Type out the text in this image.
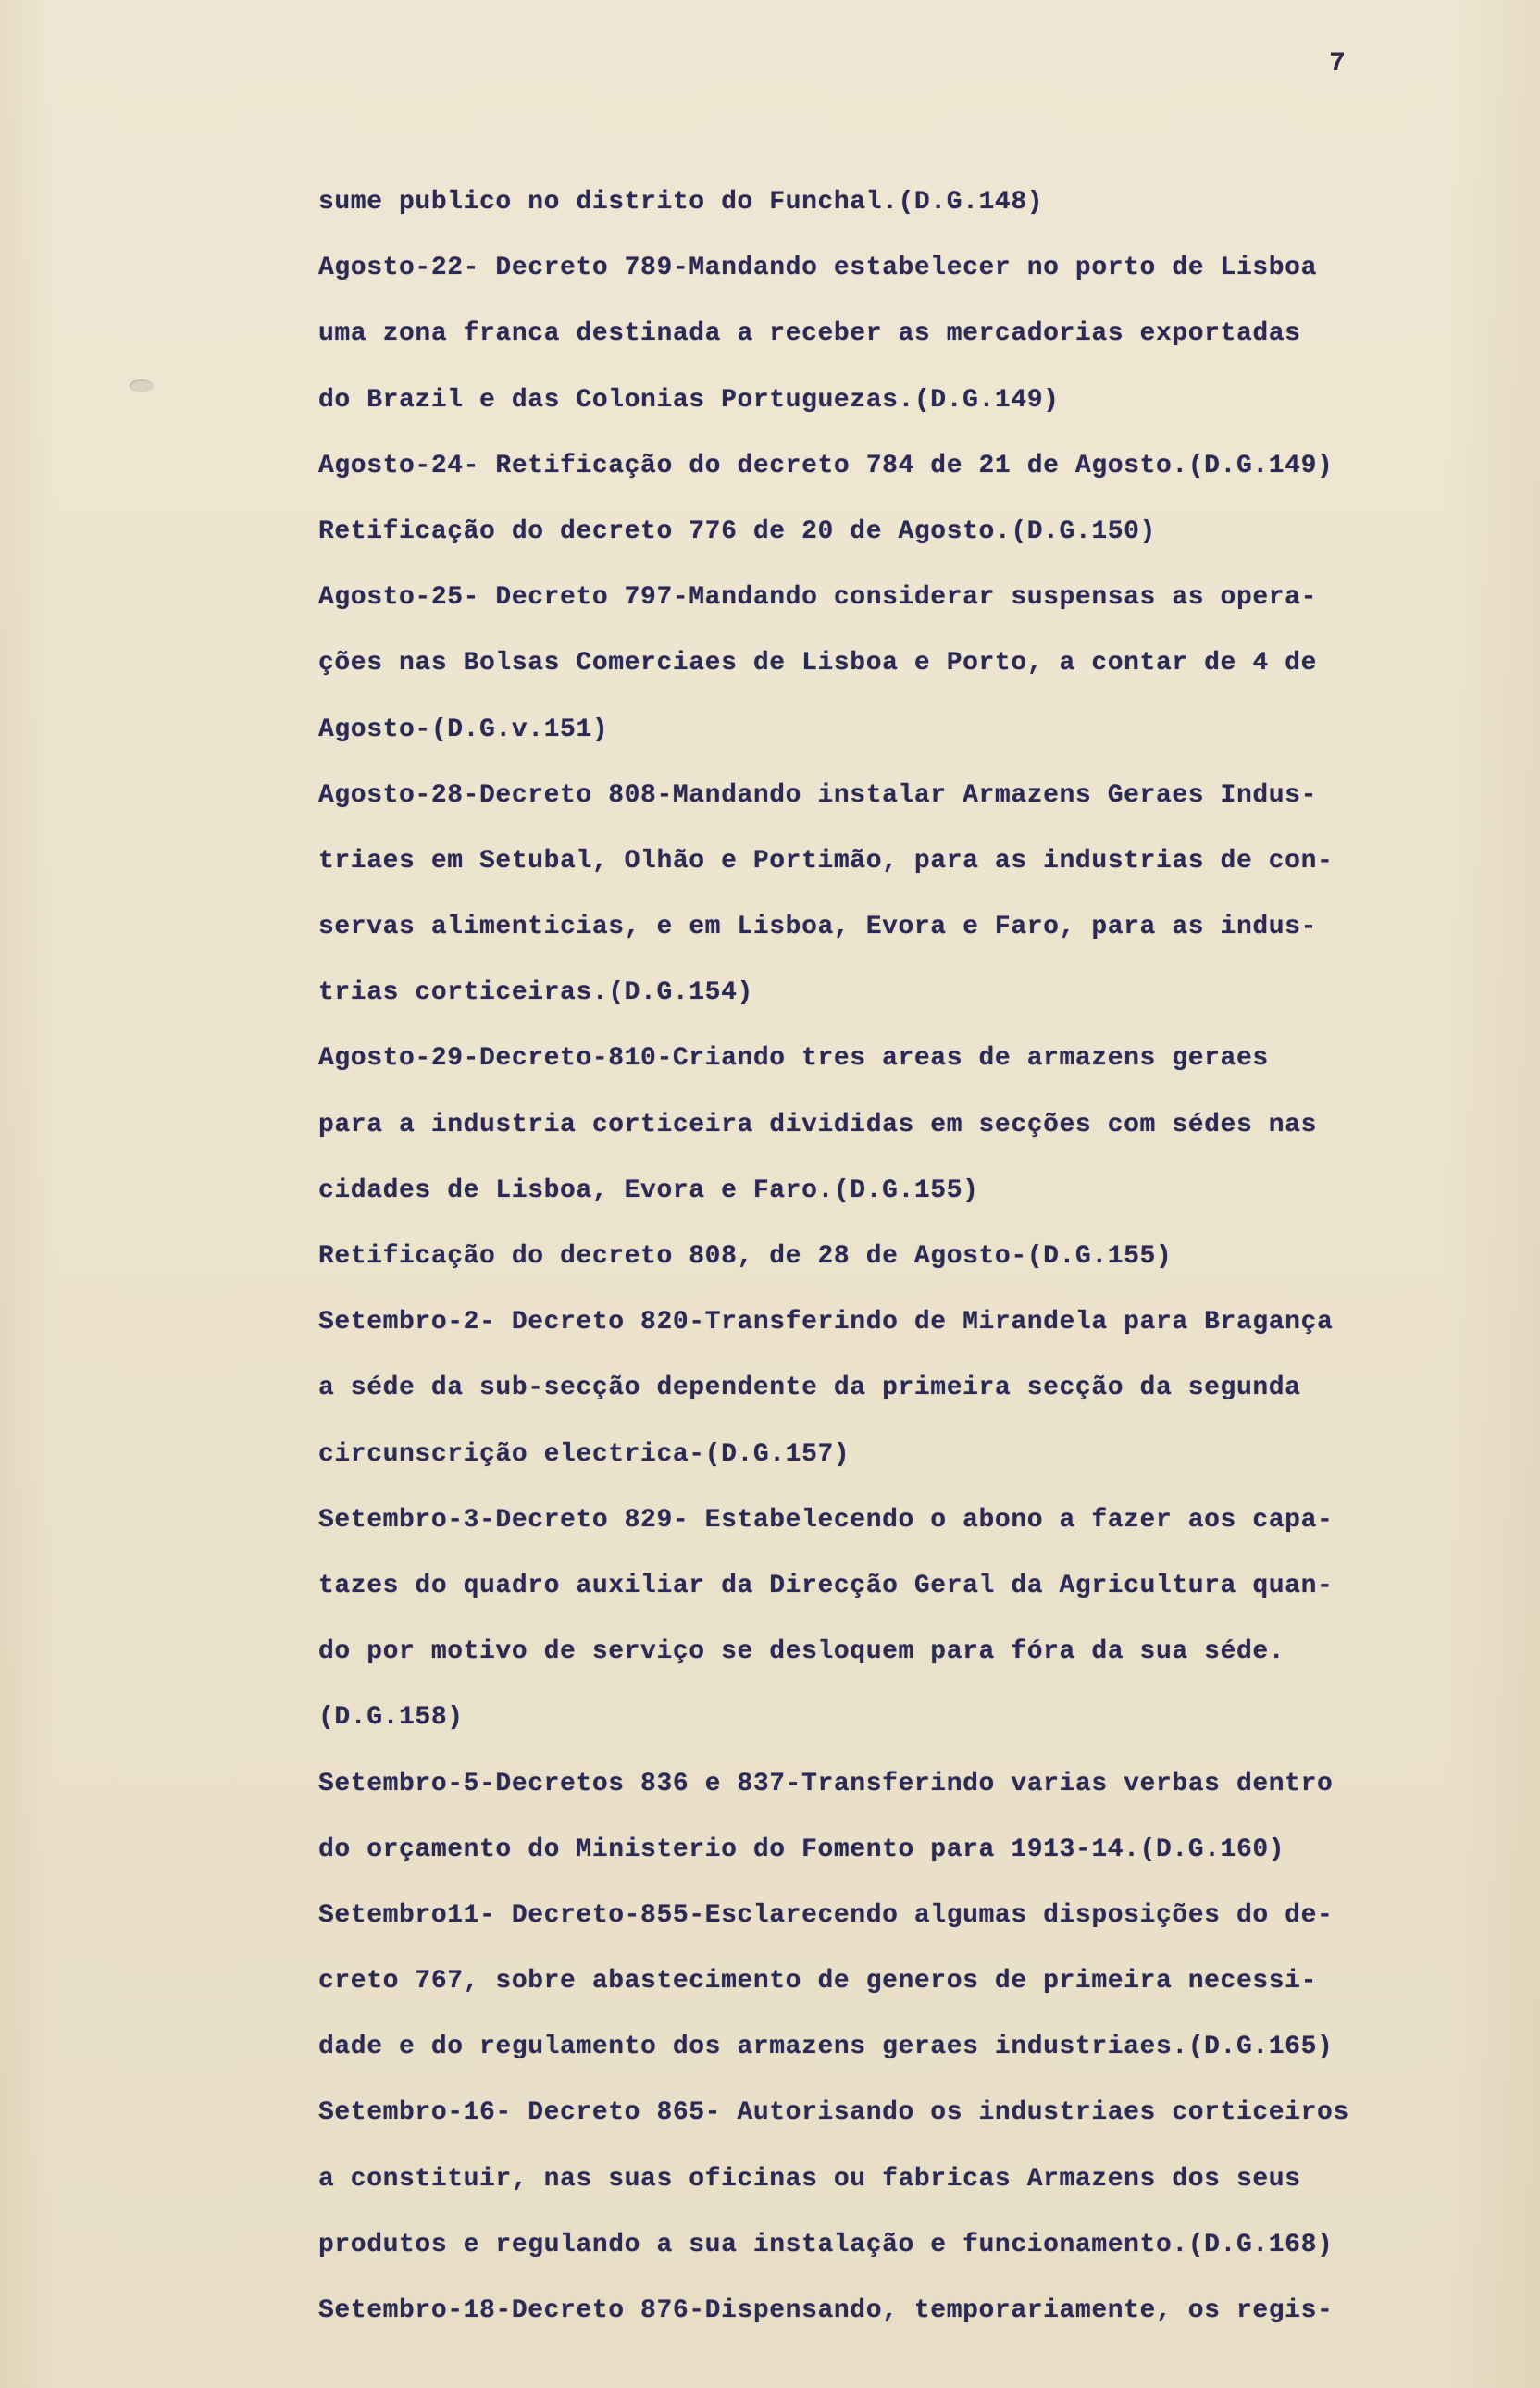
7
sume publico no distrito do Funchal.(D.G.148)
Agosto-22- Decreto 789-Mandando estabelecer no porto de Lisboa
uma zona franca destinada a receber as mercadorias exportadas
do Brazil e das Colonias Portuguezas.(D.G.149)
Agosto-24- Retificação do decreto 784 de 21 de Agosto.(D.G.149)
Retificação do decreto 776 de 20 de Agosto.(D.G.150)
Agosto-25- Decreto 797-Mandando considerar suspensas as opera-
ções nas Bolsas Comerciaes de Lisboa e Porto, a contar de 4 de
Agosto-(D.G.v.151)
Agosto-28-Decreto 808-Mandando instalar Armazens Geraes Indus-
triaes em Setubal, Olhão e Portimão, para as industrias de con-
servas alimenticias, e em Lisboa, Evora e Faro, para as indus-
trias corticeiras.(D.G.154)
Agosto-29-Decreto-810-Criando tres areas de armazens geraes
para a industria corticeira divididas em secções com sédes nas
cidades de Lisboa, Evora e Faro.(D.G.155)
Retificação do decreto 808, de 28 de Agosto-(D.G.155)
Setembro-2- Decreto 820-Transferindo de Mirandela para Bragança
a séde da sub-secção dependente da primeira secção da segunda
circunscrição electrica-(D.G.157)
Setembro-3-Decreto 829- Estabelecendo o abono a fazer aos capa-
tazes do quadro auxiliar da Direcção Geral da Agricultura quan-
do por motivo de serviço se desloquem para fóra da sua séde.
(D.G.158)
Setembro-5-Decretos 836 e 837-Transferindo varias verbas dentro
do orçamento do Ministerio do Fomento para 1913-14.(D.G.160)
Setembro11- Decreto-855-Esclarecendo algumas disposições do de-
creto 767, sobre abastecimento de generos de primeira necessi-
dade e do regulamento dos armazens geraes industriaes.(D.G.165)
Setembro-16- Decreto 865- Autorisando os industriaes corticeiros
a constituir, nas suas oficinas ou fabricas Armazens dos seus
produtos e regulando a sua instalação e funcionamento.(D.G.168)
Setembro-18-Decreto 876-Dispensando, temporariamente, os regis-
